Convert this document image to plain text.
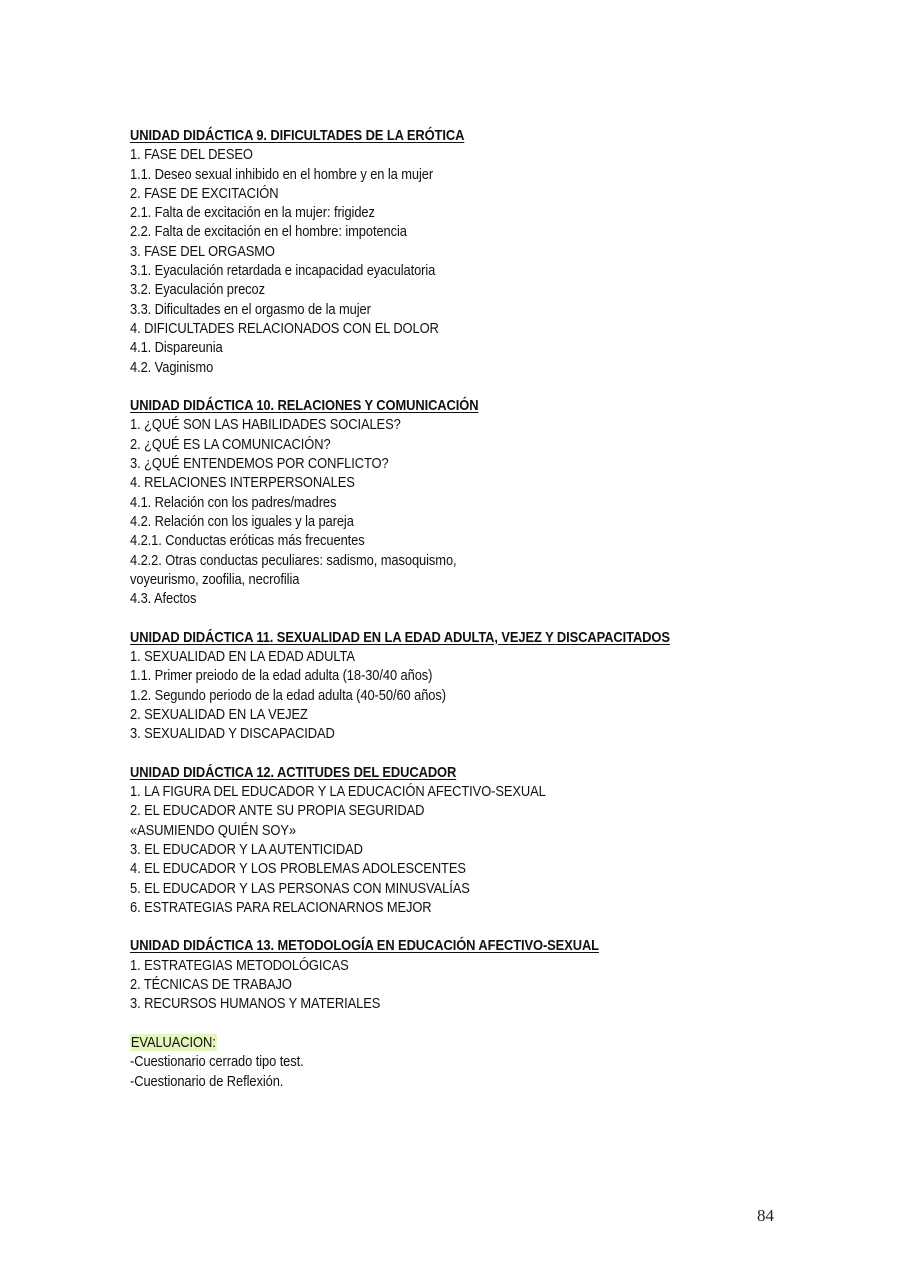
UNIDAD DIDÁCTICA 9. DIFICULTADES DE LA ERÓTICA
1. FASE DEL DESEO
1.1. Deseo sexual inhibido en el hombre y en la mujer
2. FASE DE EXCITACIÓN
2.1. Falta de excitación en la mujer: frigidez
2.2. Falta de excitación en el hombre: impotencia
3. FASE DEL ORGASMO
3.1. Eyaculación retardada e incapacidad eyaculatoria
3.2. Eyaculación precoz
3.3. Dificultades en el orgasmo de la mujer
4. DIFICULTADES RELACIONADOS CON EL DOLOR
4.1. Dispareunia
4.2. Vaginismo
UNIDAD DIDÁCTICA 10. RELACIONES Y COMUNICACIÓN
1. ¿QUÉ SON LAS HABILIDADES SOCIALES?
2. ¿QUÉ ES LA COMUNICACIÓN?
3. ¿QUÉ ENTENDEMOS POR CONFLICTO?
4. RELACIONES INTERPERSONALES
4.1. Relación con los padres/madres
4.2. Relación con los iguales y la pareja
4.2.1. Conductas eróticas más frecuentes
4.2.2. Otras conductas peculiares: sadismo, masoquismo,
voyeurismo, zoofilia, necrofilia
4.3. Afectos
UNIDAD DIDÁCTICA 11. SEXUALIDAD EN LA EDAD ADULTA, VEJEZ Y DISCAPACITADOS
1. SEXUALIDAD EN LA EDAD ADULTA
1.1. Primer preiodo de la edad adulta (18-30/40 años)
1.2. Segundo periodo de la edad adulta (40-50/60 años)
2. SEXUALIDAD EN LA VEJEZ
3. SEXUALIDAD Y DISCAPACIDAD
UNIDAD DIDÁCTICA 12. ACTITUDES DEL EDUCADOR
1. LA FIGURA DEL EDUCADOR Y LA EDUCACIÓN AFECTIVO-SEXUAL
2. EL EDUCADOR ANTE SU PROPIA SEGURIDAD
«ASUMIENDO QUIÉN SOY»
3. EL EDUCADOR Y LA AUTENTICIDAD
4. EL EDUCADOR Y LOS PROBLEMAS ADOLESCENTES
5. EL EDUCADOR Y LAS PERSONAS CON MINUSVALÍAS
6. ESTRATEGIAS PARA RELACIONARNOS MEJOR
UNIDAD DIDÁCTICA 13. METODOLOGÍA EN EDUCACIÓN AFECTIVO-SEXUAL
1. ESTRATEGIAS METODOLÓGICAS
2. TÉCNICAS DE TRABAJO
3. RECURSOS HUMANOS Y MATERIALES
EVALUACION:
-Cuestionario cerrado tipo test.
-Cuestionario de Reflexión.
84
